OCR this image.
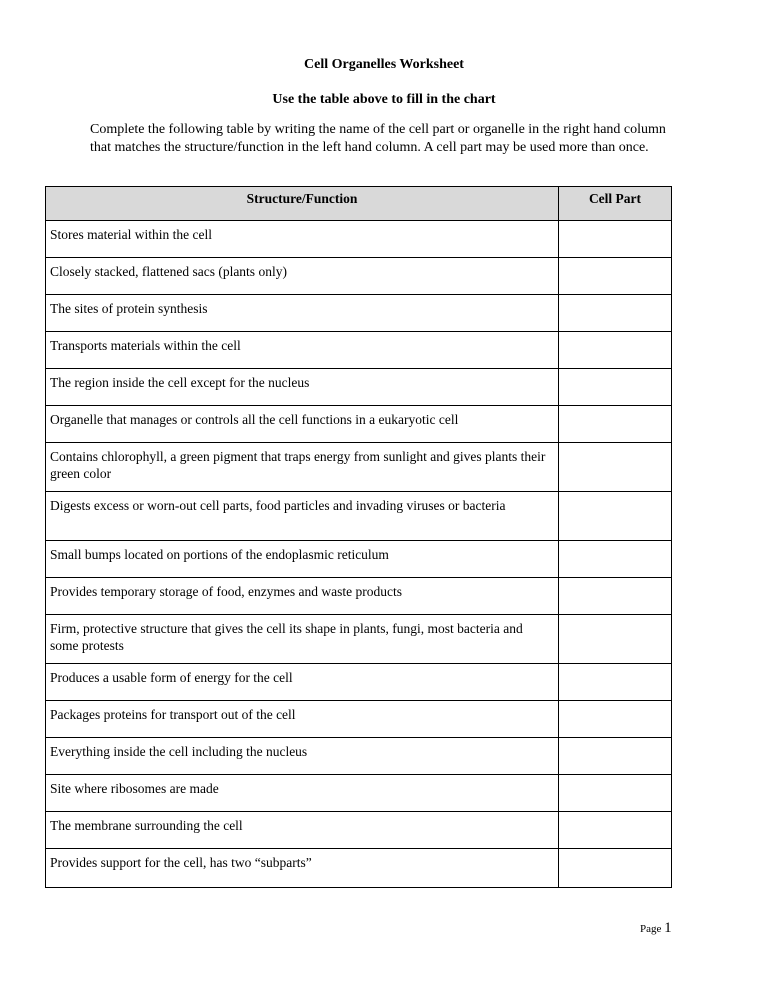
Cell Organelles Worksheet
Use the table above to fill in the chart
Complete the following table by writing the name of the cell part or organelle in the right hand column that matches the structure/function in the left hand column. A cell part may be used more than once.
Structure/Function	Cell Part
Stores material within the cell	
Closely stacked, flattened sacs (plants only)	
The sites of protein synthesis	
Transports materials within the cell	
The region inside the cell except for the nucleus	
Organelle that manages or controls all the cell functions in a eukaryotic cell	
Contains chlorophyll, a green pigment that traps energy from sunlight and gives plants their green color	
Digests excess or worn-out cell parts, food particles and invading viruses or bacteria	
Small bumps located on portions of the endoplasmic reticulum	
Provides temporary storage of food, enzymes and waste products	
Firm, protective structure that gives the cell its shape in plants, fungi, most bacteria and some protests	
Produces a usable form of energy for the cell	
Packages proteins for transport out of the cell	
Everything inside the cell including the nucleus	
Site where ribosomes are made	
The membrane surrounding the cell	
Provides support for the cell, has two “subparts”	
Page 1
